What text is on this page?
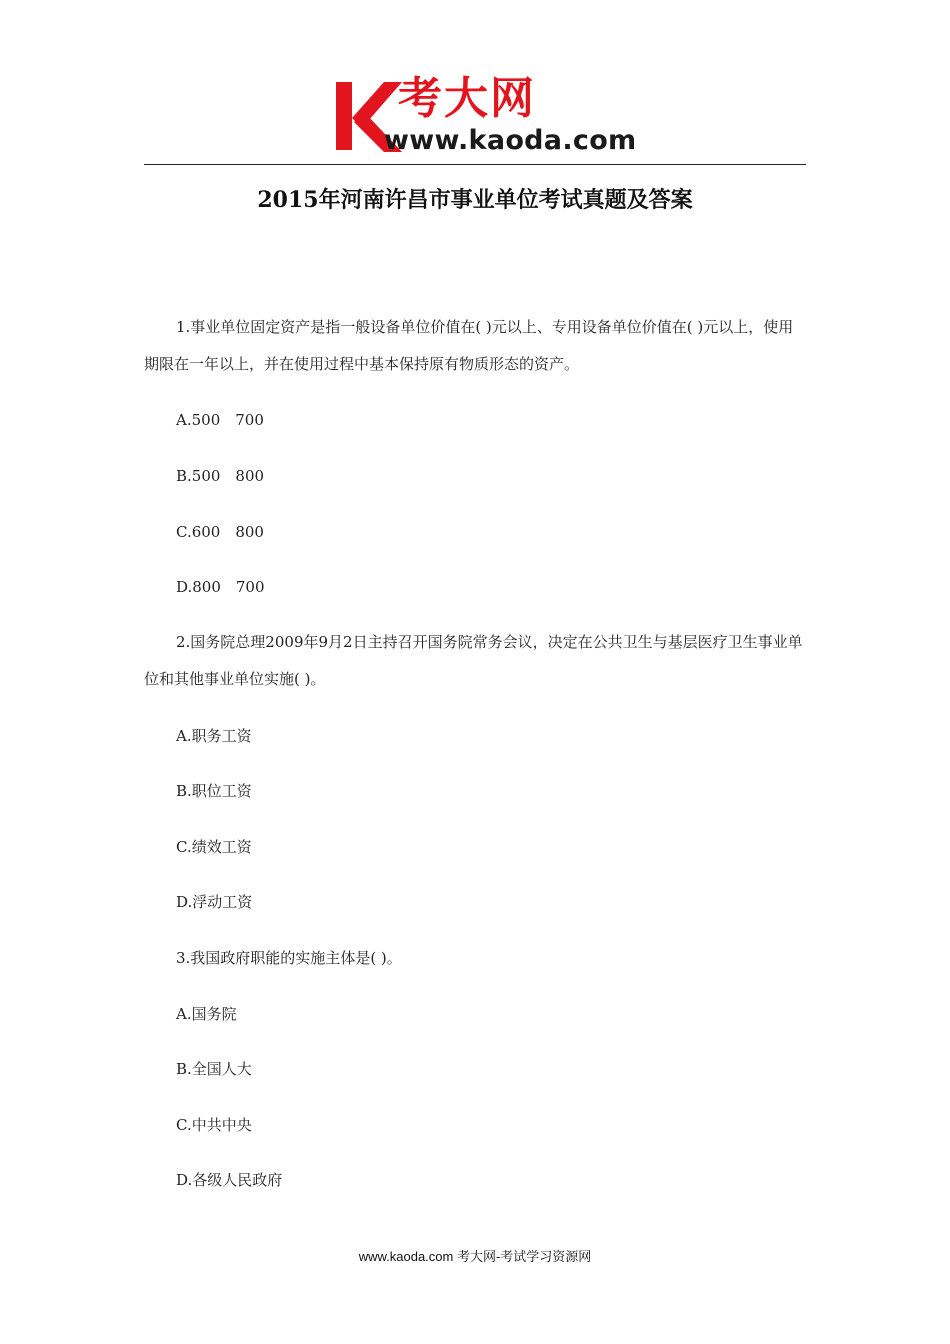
考大网
www.kaoda.com
2015年河南许昌市事业单位考试真题及答案
1.事业单位固定资产是指一般设备单位价值在( )元以上、专用设备单位价值在( )元以上，使用期限在一年以上，并在使用过程中基本保持原有物质形态的资产。
A.500　700
B.500　800
C.600　800
D.800　700
2.国务院总理2009年9月2日主持召开国务院常务会议，决定在公共卫生与基层医疗卫生事业单位和其他事业单位实施( )。
A.职务工资
B.职位工资
C.绩效工资
D.浮动工资
3.我国政府职能的实施主体是( )。
A.国务院
B.全国人大
C.中共中央
D.各级人民政府
www.kaoda.com 考大网-考试学习资源网
